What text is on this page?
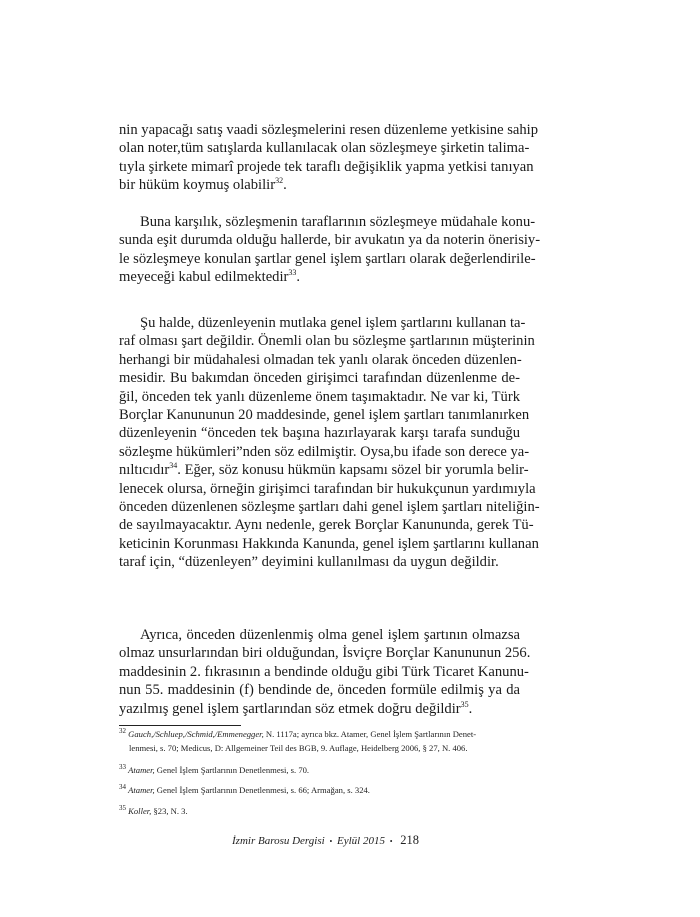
nin yapacağı satış vaadi sözleşmelerini resen düzenleme yetkisine sahip
olan noter,tüm satışlarda kullanılacak olan sözleşmeye şirketin talima-
tıyla şirkete mimarî projede tek taraflı değişiklik yapma yetkisi tanıyan
bir hüküm koymuş olabilir$^{32}$.
Buna karşılık, sözleşmenin taraflarının sözleşmeye müdahale konu-
sunda eşit durumda olduğu hallerde, bir avukatın ya da noterin önerisiy-
le sözleşmeye konulan şartlar genel işlem şartları olarak değerlendirile-
meyeceği kabul edilmektedir$^{33}$.
Şu halde, düzenleyenin mutlaka genel işlem şartlarını kullanan ta-
raf olması şart değildir. Önemli olan bu sözleşme şartlarının müşterinin
herhangi bir müdahalesi olmadan tek yanlı olarak önceden düzenlen-
mesidir. Bu bakımdan önceden girişimci tarafından düzenlenme de-
ğil, önceden tek yanlı düzenleme önem taşımaktadır. Ne var ki, Türk
Borçlar Kanununun 20 maddesinde, genel işlem şartları tanımlanırken
düzenleyenin “önceden tek başına hazırlayarak karşı tarafa sunduğu
sözleşme hükümleri”nden söz edilmiştir. Oysa,bu ifade son derece ya-
nıltıcıdır$^{34}$. Eğer, söz konusu hükmün kapsamı sözel bir yorumla belir-
lenecek olursa, örneğin girişimci tarafından bir hukukçunun yardımıyla
önceden düzenlenen sözleşme şartları dahi genel işlem şartları niteliğin-
de sayılmayacaktır. Aynı nedenle, gerek Borçlar Kanununda, gerek Tü-
keticinin Korunması Hakkında Kanunda, genel işlem şartlarını kullanan
taraf için, “düzenleyen” deyimini kullanılması da uygun değildir.
Ayrıca, önceden düzenlenmiş olma genel işlem şartının olmazsa
olmaz unsurlarından biri olduğundan, İsviçre Borçlar Kanununun 256.
maddesinin 2. fıkrasının a bendinde olduğu gibi Türk Ticaret Kanunu-
nun 55. maddesinin (f) bendinde de, önceden formüle edilmiş ya da
yazılmış genel işlem şartlarından söz etmek doğru değildir$^{35}$.
$^{32}$ Gauch,/Schluep,/Schmid,/Emmenegger, N. 1117a; ayrıca bkz. Atamer, Genel İşlem Şartlarının Denet-
lenmesi, s. 70; Medicus, D: Allgemeiner Teil des BGB, 9. Auflage, Heidelberg 2006, § 27, N. 406.
$^{33}$ Atamer, Genel İşlem Şartlarının Denetlenmesi, s. 70.
$^{34}$ Atamer, Genel İşlem Şartlarının Denetlenmesi, s. 66; Armağan, s. 324.
$^{35}$ Koller, §23, N. 3.
İzmir Barosu Dergisi • Eylül 2015 • 218
